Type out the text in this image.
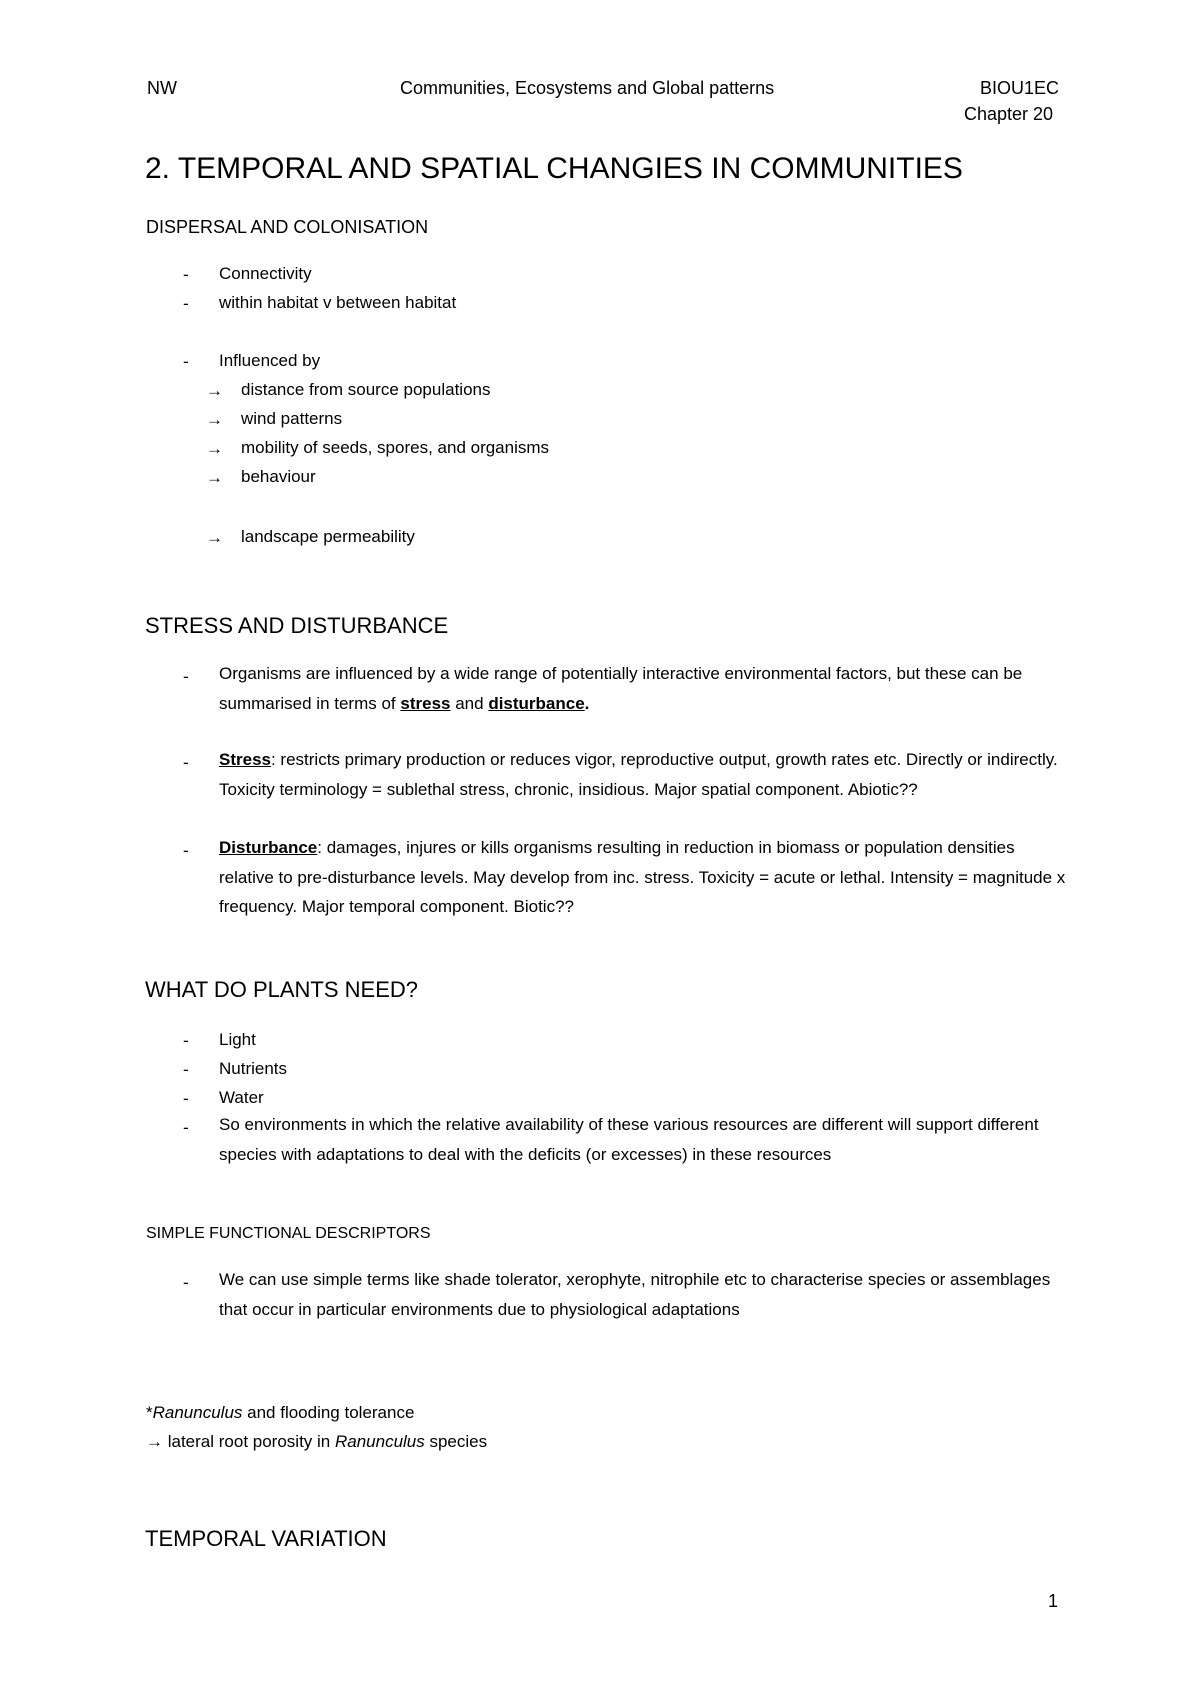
NW	Communities, Ecosystems and Global patterns	BIOU1EC
Chapter 20
2. TEMPORAL AND SPATIAL CHANGIES IN COMMUNITIES
DISPERSAL AND COLONISATION
- Connectivity
- within habitat v between habitat
- Influenced by
→ distance from source populations
→ wind patterns
→ mobility of seeds, spores, and organisms
→ behaviour
→ landscape permeability
STRESS AND DISTURBANCE
- Organisms are influenced by a wide range of potentially interactive environmental factors, but these can be summarised in terms of stress and disturbance.
- Stress: restricts primary production or reduces vigor, reproductive output, growth rates etc. Directly or indirectly. Toxicity terminology = sublethal stress, chronic, insidious. Major spatial component. Abiotic??
- Disturbance: damages, injures or kills organisms resulting in reduction in biomass or population densities relative to pre-disturbance levels. May develop from inc. stress. Toxicity = acute or lethal. Intensity = magnitude x frequency. Major temporal component. Biotic??
WHAT DO PLANTS NEED?
- Light
- Nutrients
- Water
- So environments in which the relative availability of these various resources are different will support different species with adaptations to deal with the deficits (or excesses) in these resources
SIMPLE FUNCTIONAL DESCRIPTORS
- We can use simple terms like shade tolerator, xerophyte, nitrophile etc to characterise species or assemblages that occur in particular environments due to physiological adaptations
*Ranunculus and flooding tolerance
→ lateral root porosity in Ranunculus species
TEMPORAL VARIATION
1
